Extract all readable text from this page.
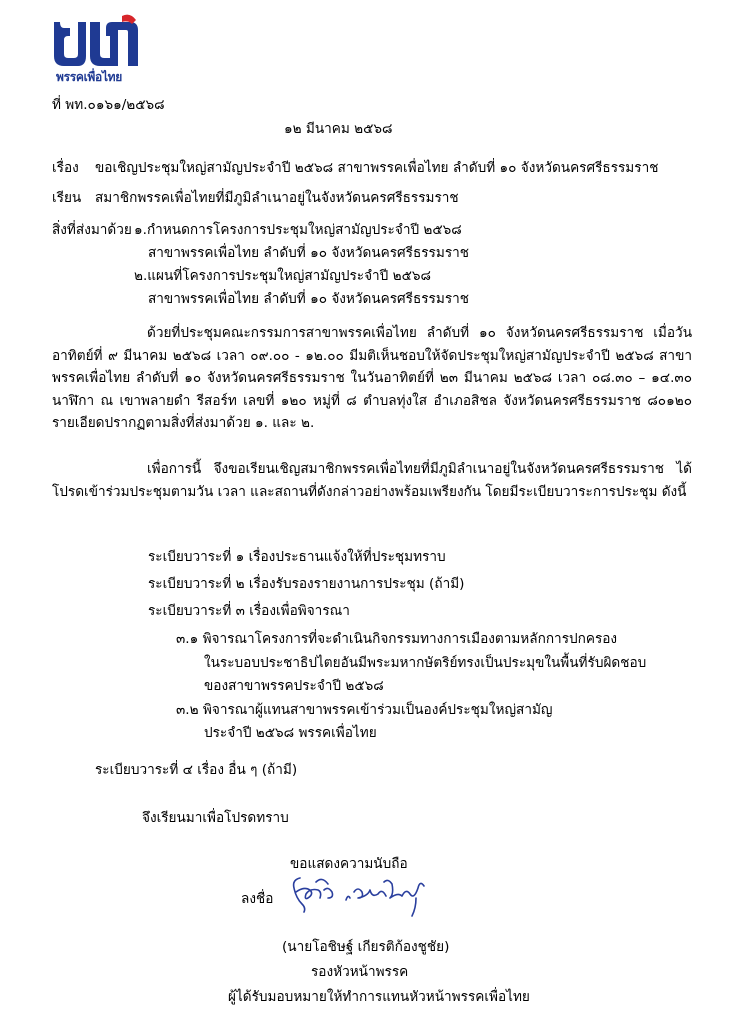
พรรคเพื่อไทย
ที่ พท.๐๑๖๑/๒๕๖๘
๑๒ มีนาคม ๒๕๖๘
เรื่อง ขอเชิญประชุมใหญ่สามัญประจำปี ๒๕๖๘ สาขาพรรคเพื่อไทย ลำดับที่ ๑๐ จังหวัดนครศรีธรรมราช
เรียน สมาชิกพรรคเพื่อไทยที่มีภูมิลำเนาอยู่ในจังหวัดนครศรีธรรมราช
สิ่งที่ส่งมาด้วย ๑.กำหนดการโครงการประชุมใหญ่สามัญประจำปี ๒๕๖๘
สาขาพรรคเพื่อไทย ลำดับที่ ๑๐ จังหวัดนครศรีธรรมราช
๒.แผนที่โครงการประชุมใหญ่สามัญประจำปี ๒๕๖๘
สาขาพรรคเพื่อไทย ลำดับที่ ๑๐ จังหวัดนครศรีธรรมราช
ด้วยที่ประชุมคณะกรรมการสาขาพรรคเพื่อไทย ลำดับที่ ๑๐ จังหวัดนครศรีธรรมราช เมื่อวันอาทิตย์ที่ ๙ มีนาคม ๒๕๖๘ เวลา ๐๙.๐๐ - ๑๒.๐๐ มีมติเห็นชอบให้จัดประชุมใหญ่สามัญประจำปี ๒๕๖๘ สาขาพรรคเพื่อไทย ลำดับที่ ๑๐ จังหวัดนครศรีธรรมราช ในวันอาทิตย์ที่ ๒๓ มีนาคม ๒๕๖๘ เวลา ๐๘.๓๐ – ๑๔.๓๐ นาฬิกา ณ เขาพลายดำ รีสอร์ท เลขที่ ๑๒๐ หมู่ที่ ๘ ตำบลทุ่งใส อำเภอสิชล จังหวัดนครศรีธรรมราช ๘๐๑๒๐ รายเอียดปรากฏตามสิ่งที่ส่งมาด้วย ๑. และ ๒.
เพื่อการนี้ จึงขอเรียนเชิญสมาชิกพรรคเพื่อไทยที่มีภูมิลำเนาอยู่ในจังหวัดนครศรีธรรมราช ได้โปรดเข้าร่วมประชุมตามวัน เวลา และสถานที่ดังกล่าวอย่างพร้อมเพรียงกัน โดยมีระเบียบวาระการประชุม ดังนี้
ระเบียบวาระที่ ๑ เรื่องประธานแจ้งให้ที่ประชุมทราบ
ระเบียบวาระที่ ๒ เรื่องรับรองรายงานการประชุม (ถ้ามี)
ระเบียบวาระที่ ๓ เรื่องเพื่อพิจารณา
๓.๑ พิจารณาโครงการที่จะดำเนินกิจกรรมทางการเมืองตามหลักการปกครอง
ในระบอบประชาธิปไตยอันมีพระมหากษัตริย์ทรงเป็นประมุขในพื้นที่รับผิดชอบ
ของสาขาพรรคประจำปี ๒๕๖๘
๓.๒ พิจารณาผู้แทนสาขาพรรคเข้าร่วมเป็นองค์ประชุมใหญ่สามัญ
ประจำปี ๒๕๖๘ พรรคเพื่อไทย
ระเบียบวาระที่ ๔ เรื่อง อื่น ๆ (ถ้ามี)
จึงเรียนมาเพื่อโปรดทราบ
ขอแสดงความนับถือ
ลงชื่อ
(นายโอชิษฐ์ เกียรติก้องชูชัย)
รองหัวหน้าพรรค
ผู้ได้รับมอบหมายให้ทำการแทนหัวหน้าพรรคเพื่อไทย
